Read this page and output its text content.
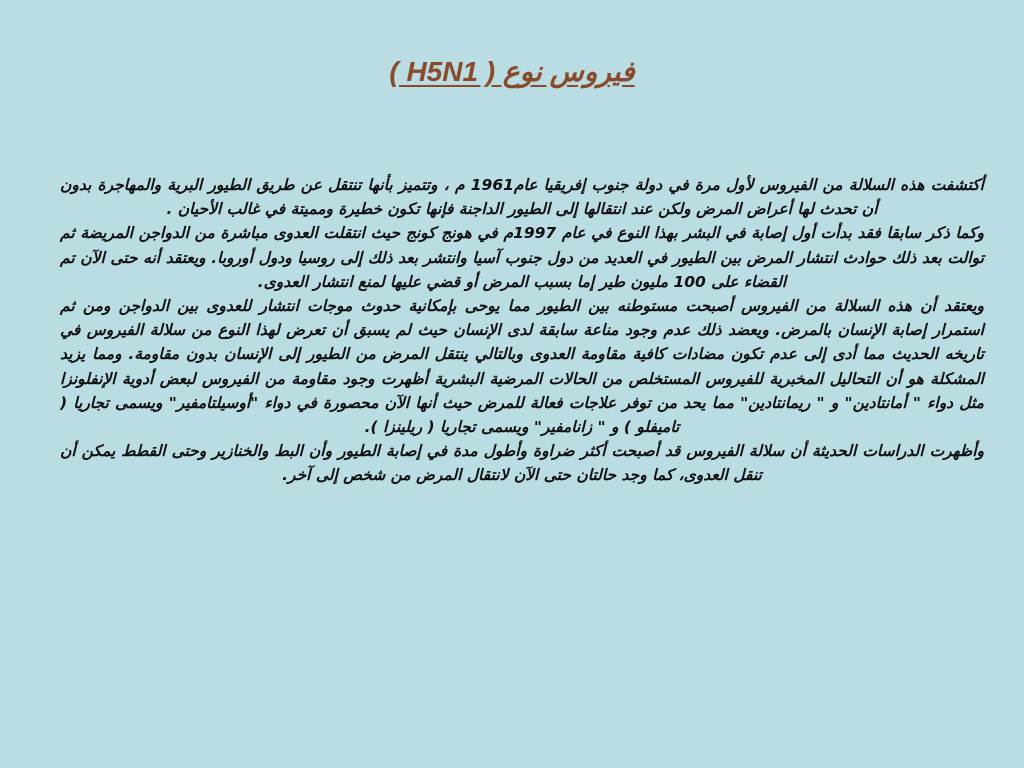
فيروس نوع ( H5N1 )

أكتشفت هذه السلالة من الفيروس لأول مرة في دولة جنوب إفريقيا عام1961 م ، وتتميز بأنها تنتقل عن طريق الطيور البرية والمهاجرة بدون أن تحدث لها أعراض المرض ولكن عند انتقالها إلى الطيور الداجنة فإنها تكون خطيرة ومميتة في غالب الأحيان .

وكما ذكر سابقا فقد بدأت أول إصابة في البشر بهذا النوع في عام 1997م في هونج كونج حيث انتقلت العدوى مباشرة من الدواجن المريضة ثم توالت بعد ذلك حوادث انتشار المرض بين الطيور في العديد من دول جنوب آسيا وانتشر بعد ذلك إلى روسيا ودول أوروبا. ويعتقد أنه حتى الآن تم القضاء على 100 مليون طير إما بسبب المرض أو قضي عليها لمنع انتشار العدوى.

ويعتقد أن هذه السلالة من الفيروس أصبحت مستوطنه بين الطيور مما يوحى بإمكانية حدوث موجات انتشار للعدوى بين الدواجن ومن ثم استمرار إصابة الإنسان بالمرض. ويعضد ذلك عدم وجود مناعة سابقة لدى الإنسان حيث لم يسبق أن تعرض لهذا النوع من سلالة الفيروس في تاريخه الحديث مما أدى إلى عدم تكون مضادات كافية مقاومة العدوى وبالتالي ينتقل المرض من الطيور إلى الإنسان بدون مقاومة. ومما يزيد المشكلة هو أن التحاليل المخبرية للفيروس المستخلص من الحالات المرضية البشرية أظهرت وجود مقاومة من الفيروس لبعض أدوية الإنفلونزا مثل دواء " أمانتادين" و " ريمانتادين" مما يحد من توفر علاجات فعالة للمرض حيث أنها الآن محصورة في دواء "أوسيلتامفير" ويسمى تجاريا ( تاميفلو ) و " زانامفير" ويسمى تجاريا ( ريلينزا ).

وأظهرت الدراسات الحديثة أن سلالة الفيروس قد أصبحت أكثر ضراوة وأطول مدة في إصابة الطيور وأن البط والخنازير وحتى القطط يمكن أن تنقل العدوى، كما وجد حالتان حتى الآن لانتقال المرض من شخص إلى آخر.
